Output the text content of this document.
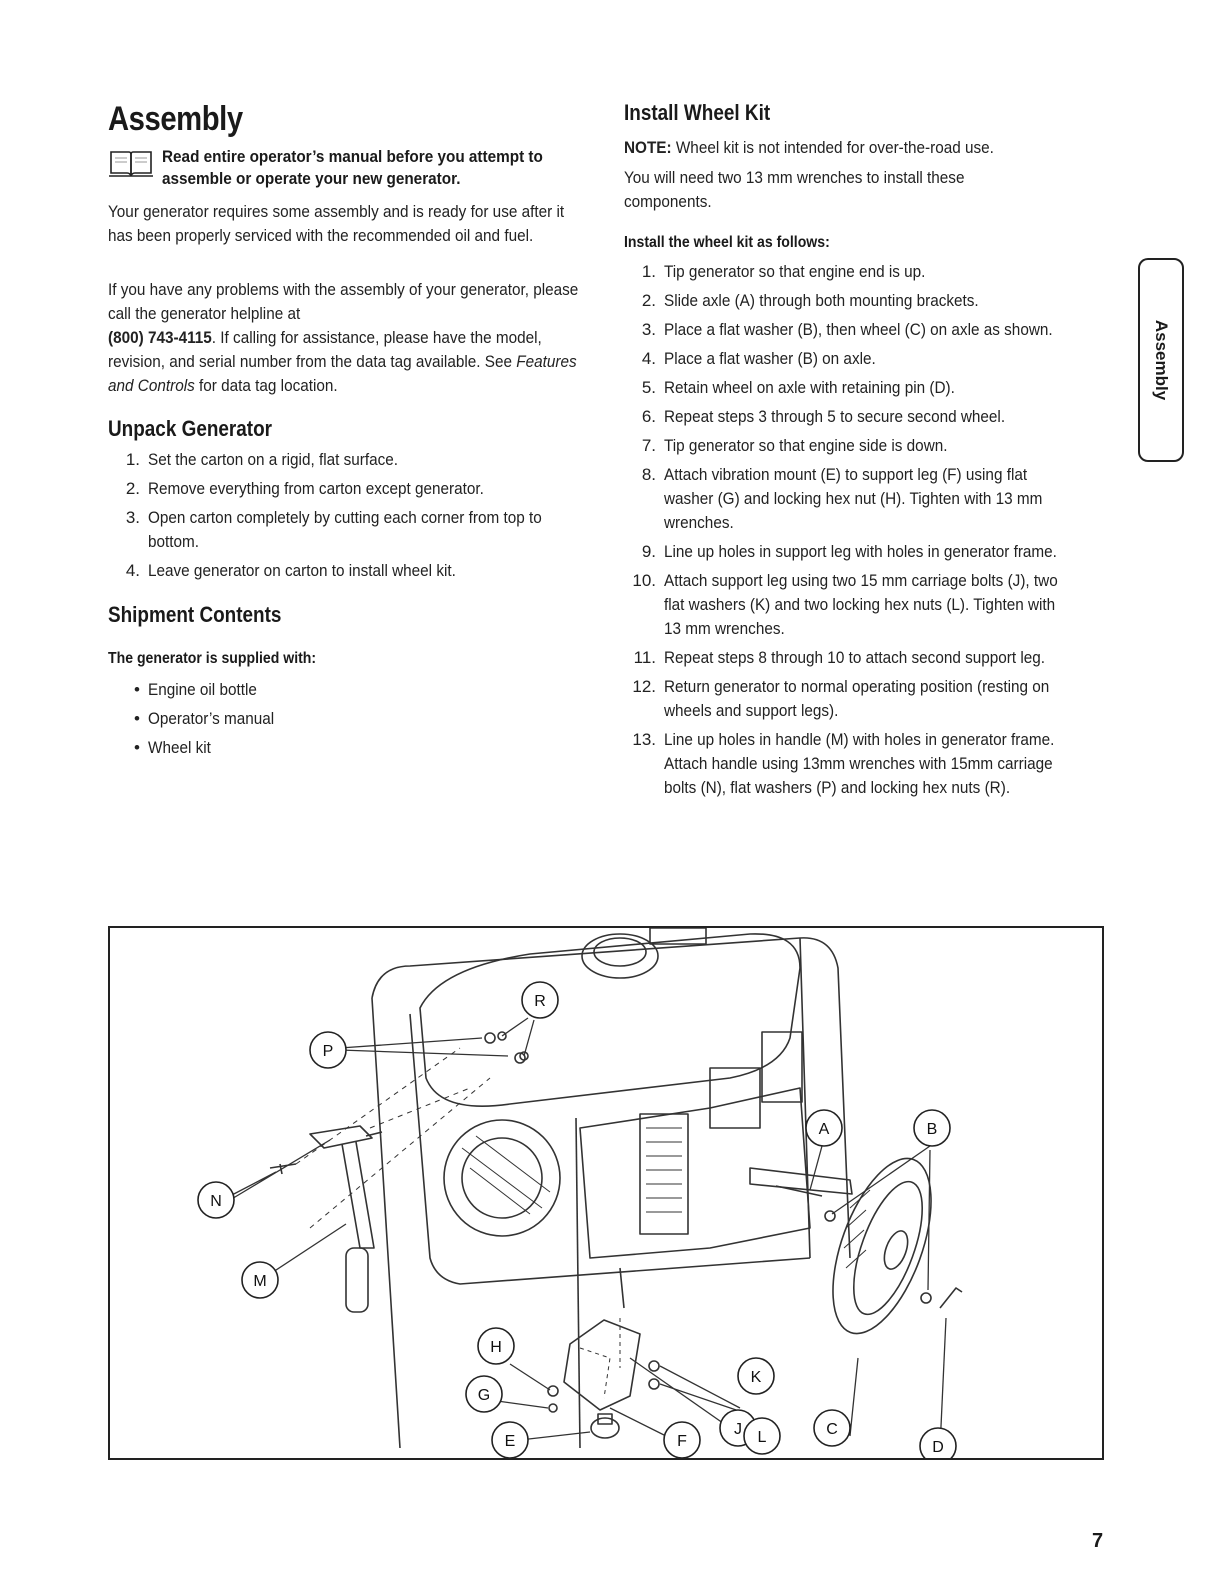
Assembly
Read entire operator’s manual before you attempt to assemble or operate your new generator.

Your generator requires some assembly and is ready for use after it has been properly serviced with the recommended oil and fuel.

If you have any problems with the assembly of your generator, please call the generator helpline at
(800) 743-4115. If calling for assistance, please have the model, revision, and serial number from the data tag available. See Features and Controls for data tag location.

Unpack Generator
1. Set the carton on a rigid, flat surface.
2. Remove everything from carton except generator.
3. Open carton completely by cutting each corner from top to bottom.
4. Leave generator on carton to install wheel kit.
Shipment Contents
The generator is supplied with:
• Engine oil bottle
• Operator’s manual
• Wheel kit
Install Wheel Kit

NOTE: Wheel kit is not intended for over-the-road use.

You will need two 13 mm wrenches to install these components.

Install the wheel kit as follows:
1. Tip generator so that engine end is up.
2. Slide axle (A) through both mounting brackets.
3. Place a flat washer (B), then wheel (C) on axle as shown.
4. Place a flat washer (B) on axle.
5. Retain wheel on axle with retaining pin (D).
6. Repeat steps 3 through 5 to secure second wheel.
7. Tip generator so that engine side is down.
8. Attach vibration mount (E) to support leg (F) using flat washer (G) and locking hex nut (H). Tighten with 13 mm wrenches.
9. Line up holes in support leg with holes in generator frame.
10. Attach support leg using two 15 mm carriage bolts (J), two flat washers (K) and two locking hex nuts (L). Tighten with 13 mm wrenches.
11. Repeat steps 8 through 10 to attach second support leg.
12. Return generator to normal operating position (resting on wheels and support legs).
13. Line up holes in handle (M) with holes in generator frame. Attach handle using 13mm wrenches with 15mm carriage bolts (N), flat washers (P) and locking hex nuts (R).
Assembly
R
P
N
M
A	B
J	C
D
H
K
G
E	F	L
7
